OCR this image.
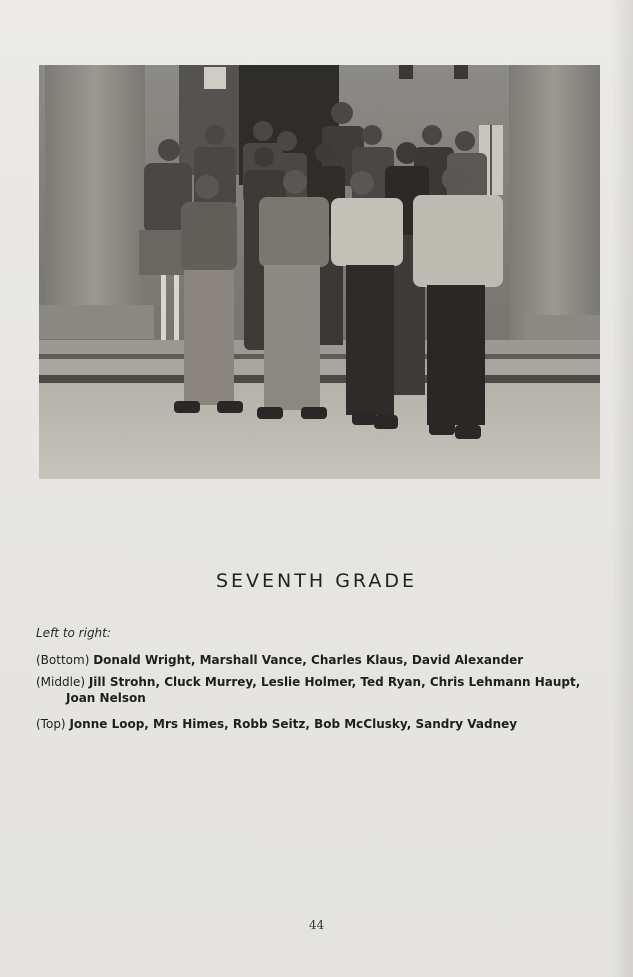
SEVENTH GRADE
Left to right:
(Bottom) Donald Wright, Marshall Vance, Charles Klaus, David Alexander
(Middle) Jill Strohn, Cluck Murrey, Leslie Holmer, Ted Ryan, Chris Lehmann Haupt,
Joan Nelson
(Top) Jonne Loop, Mrs Himes, Robb Seitz, Bob McClusky, Sandry Vadney
44
